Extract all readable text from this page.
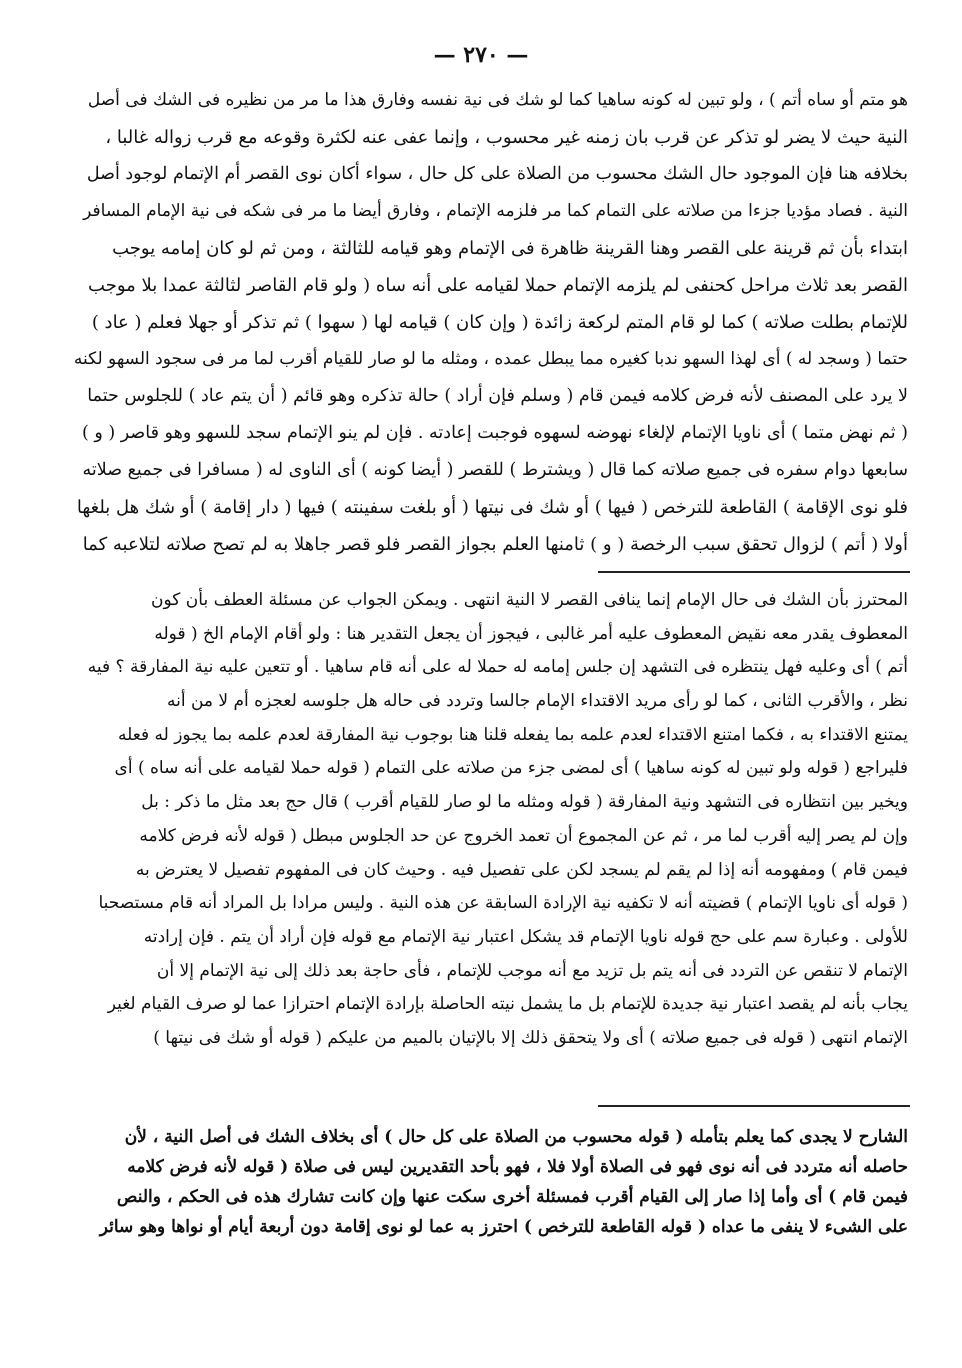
— ٢٧٠ —
هو متم أو ساه أتم ) ، ولو تبين له كونه ساهيا كما لو شك فى نية نفسه وفارق هذا ما مر من نظيره فى الشك فى أصل
النية حيث لا يضر لو تذكر عن قرب بان زمنه غير محسوب ، وإنما عفى عنه لكثرة وقوعه مع قرب زواله غالبا ،
بخلافه هنا فإن الموجود حال الشك محسوب من الصلاة على كل حال ، سواء أكان نوى القصر أم الإتمام لوجود أصل
النية . فصاد مؤديا جزءا من صلاته على التمام كما مر فلزمه الإتمام ، وفارق أيضا ما مر فى شكه فى نية الإمام المسافر
ابتداء بأن ثم قرينة على القصر وهنا القرينة ظاهرة فى الإتمام وهو قيامه للثالثة ، ومن ثم لو كان إمامه يوجب
القصر بعد ثلاث مراحل كحنفى لم يلزمه الإتمام حملا لقيامه على أنه ساه ( ولو قام القاصر لثالثة عمدا بلا موجب
للإتمام بطلت صلاته ) كما لو قام المتم لركعة زائدة ( وإن كان ) قيامه لها ( سهوا ) ثم تذكر أو جهلا فعلم ( عاد )
حتما ( وسجد له ) أى لهذا السهو ندبا كغيره مما يبطل عمده ، ومثله ما لو صار للقيام أقرب لما مر فى سجود السهو لكنه
لا يرد على المصنف لأنه فرض كلامه فيمن قام ( وسلم فإن أراد ) حالة تذكره وهو قائم ( أن يتم عاد ) للجلوس حتما
( ثم نهض متما ) أى ناويا الإتمام لإلغاء نهوضه لسهوه فوجبت إعادته . فإن لم ينو الإتمام سجد للسهو وهو قاصر ( و )
سابعها دوام سفره فى جميع صلاته كما قال ( ويشترط ) للقصر ( أيضا كونه ) أى الناوى له ( مسافرا فى جميع صلاته
فلو نوى الإقامة ) القاطعة للترخص ( فيها ) أو شك فى نيتها ( أو بلغت سفينته ) فيها ( دار إقامة ) أو شك هل بلغها
أولا ( أتم ) لزوال تحقق سبب الرخصة ( و ) ثامنها العلم بجواز القصر فلو قصر جاهلا به لم تصح صلاته لتلاعبه كما
المحترز بأن الشك فى حال الإمام إنما ينافى القصر لا النية انتهى . ويمكن الجواب عن مسئلة العطف بأن كون
المعطوف يقدر معه نقيض المعطوف عليه أمر غالبى ، فيجوز أن يجعل التقدير هنا : ولو أقام الإمام الخ ( قوله
أتم ) أى وعليه فهل ينتظره فى التشهد إن جلس إمامه له حملا له على أنه قام ساهيا . أو تتعين عليه نية المفارقة ؟ فيه
نظر ، والأقرب الثانى ، كما لو رأى مريد الاقتداء الإمام جالسا وتردد فى حاله هل جلوسه لعجزه أم لا من أنه
يمتنع الاقتداء به ، فكما امتنع الاقتداء لعدم علمه بما يفعله قلنا هنا بوجوب نية المفارقة لعدم علمه بما يجوز له فعله
فليراجع ( قوله ولو تبين له كونه ساهيا ) أى لمضى جزء من صلاته على التمام ( قوله حملا لقيامه على أنه ساه ) أى
ويخير بين انتظاره فى التشهد ونية المفارقة ( قوله ومثله ما لو صار للقيام أقرب ) قال حج بعد مثل ما ذكر : بل
وإن لم يصر إليه أقرب لما مر ، ثم عن المجموع أن تعمد الخروج عن حد الجلوس مبطل ( قوله لأنه فرض كلامه
فيمن قام ) ومفهومه أنه إذا لم يقم لم يسجد لكن على تفصيل فيه . وحيث كان فى المفهوم تفصيل لا يعترض به
( قوله أى ناويا الإتمام ) قضيته أنه لا تكفيه نية الإرادة السابقة عن هذه النية . وليس مرادا بل المراد أنه قام مستصحبا
للأولى . وعبارة سم على حج قوله ناويا الإتمام قد يشكل اعتبار نية الإتمام مع قوله فإن أراد أن يتم . فإن إرادته
الإتمام لا تنقص عن التردد فى أنه يتم بل تزيد مع أنه موجب للإتمام ، فأى حاجة بعد ذلك إلى نية الإتمام إلا أن
يجاب بأنه لم يقصد اعتبار نية جديدة للإتمام بل ما يشمل نيته الحاصلة بإرادة الإتمام احترازا عما لو صرف القيام لغير
الإتمام انتهى ( قوله فى جميع صلاته ) أى ولا يتحقق ذلك إلا بالإتيان بالميم من عليكم ( قوله أو شك فى نيتها )
الشارح لا يجدى كما يعلم بتأمله ( قوله محسوب من الصلاة على كل حال ) أى بخلاف الشك فى أصل النية ، لأن
حاصله أنه متردد فى أنه نوى فهو فى الصلاة أولا فلا ، فهو بأحد التقديرين ليس فى صلاة ( قوله لأنه فرض كلامه
فيمن قام ) أى وأما إذا صار إلى القيام أقرب فمسئلة أخرى سكت عنها وإن كانت تشارك هذه فى الحكم ، والنص
على الشىء لا ينفى ما عداه ( قوله القاطعة للترخص ) احترز به عما لو نوى إقامة دون أربعة أيام أو نواها وهو سائر
